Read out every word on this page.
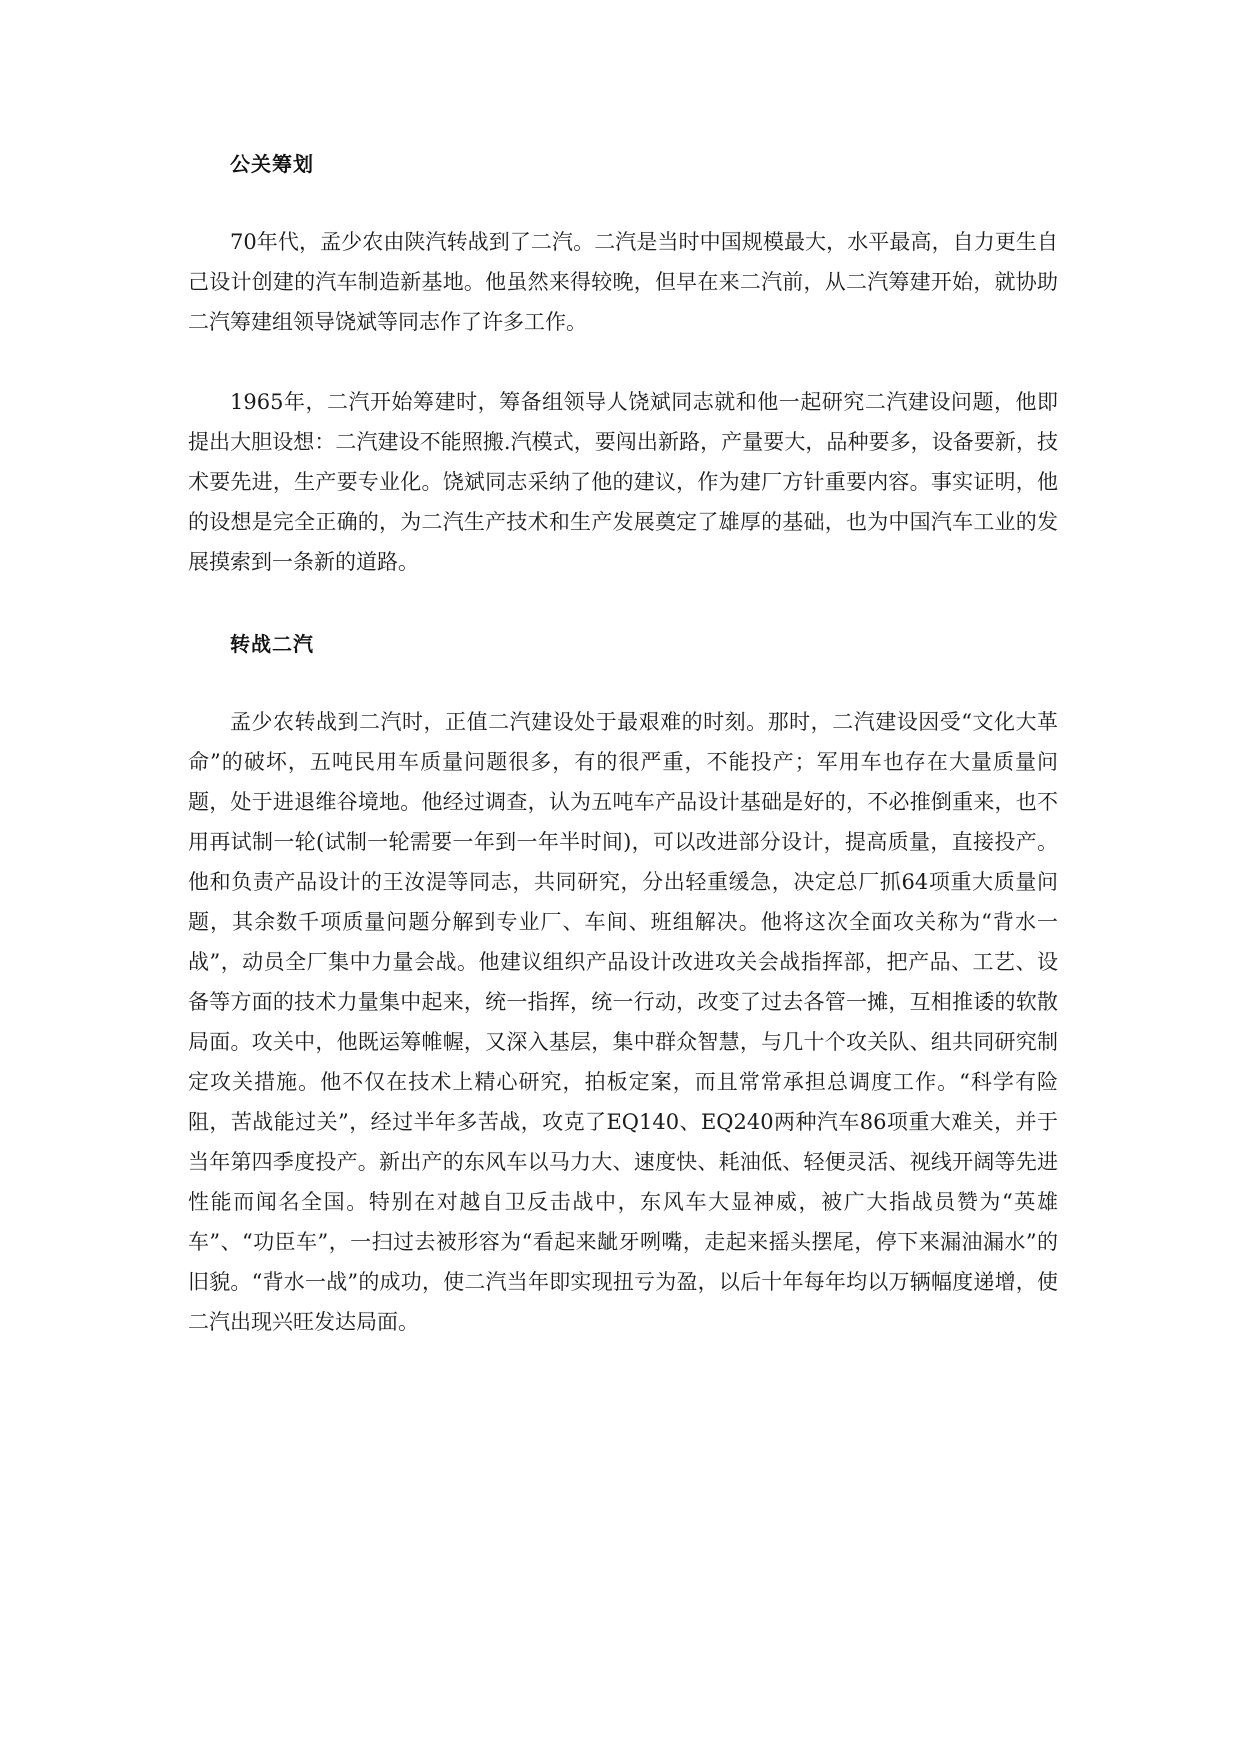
公关筹划
70年代，孟少农由陕汽转战到了二汽。二汽是当时中国规模最大，水平最高，自力更生自己设计创建的汽车制造新基地。他虽然来得较晚，但早在来二汽前，从二汽筹建开始，就协助二汽筹建组领导饶斌等同志作了许多工作。
1965年，二汽开始筹建时，筹备组领导人饶斌同志就和他一起研究二汽建设问题，他即提出大胆设想：二汽建设不能照搬.汽模式，要闯出新路，产量要大，品种要多，设备要新，技术要先进，生产要专业化。饶斌同志采纳了他的建议，作为建厂方针重要内容。事实证明，他的设想是完全正确的，为二汽生产技术和生产发展奠定了雄厚的基础，也为中国汽车工业的发展摸索到一条新的道路。
转战二汽
孟少农转战到二汽时，正值二汽建设处于最艰难的时刻。那时，二汽建设因受“文化大革命”的破坏，五吨民用车质量问题很多，有的很严重，不能投产；军用车也存在大量质量问题，处于进退维谷境地。他经过调查，认为五吨车产品设计基础是好的，不必推倒重来，也不用再试制一轮(试制一轮需要一年到一年半时间)，可以改进部分设计，提高质量，直接投产。他和负责产品设计的王汝湜等同志，共同研究，分出轻重缓急，决定总厂抓64项重大质量问题，其余数千项质量问题分解到专业厂、车间、班组解决。他将这次全面攻关称为“背水一战”，动员全厂集中力量会战。他建议组织产品设计改进攻关会战指挥部，把产品、工艺、设备等方面的技术力量集中起来，统一指挥，统一行动，改变了过去各管一摊，互相推诿的软散局面。攻关中，他既运筹帷幄，又深入基层，集中群众智慧，与几十个攻关队、组共同研究制定攻关措施。他不仅在技术上精心研究，拍板定案，而且常常承担总调度工作。“科学有险阻，苦战能过关”，经过半年多苦战，攻克了EQ140、EQ240两种汽车86项重大难关，并于当年第四季度投产。新出产的东风车以马力大、速度快、耗油低、轻便灵活、视线开阔等先进性能而闻名全国。特别在对越自卫反击战中，东风车大显神威，被广大指战员赞为“英雄车”、“功臣车”，一扫过去被形容为“看起来龇牙咧嘴，走起来摇头摆尾，停下来漏油漏水”的旧貌。“背水一战”的成功，使二汽当年即实现扭亏为盈，以后十年每年均以万辆幅度递增，使二汽出现兴旺发达局面。
